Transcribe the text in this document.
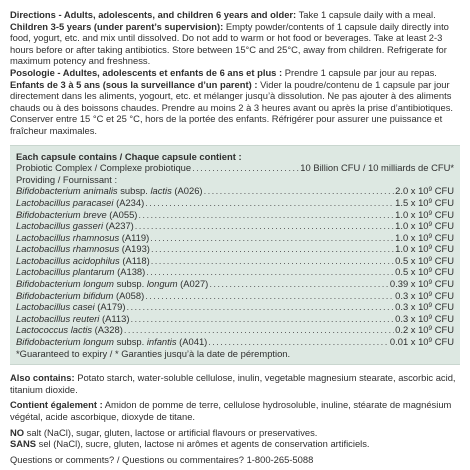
Directions - Adults, adolescents, and children 6 years and older: Take 1 capsule daily with a meal.
Children 3-5 years (under parent’s supervision): Empty powder/contents of 1 capsule daily directly into food, yogurt, etc. and mix until dissolved. Do not add to warm or hot food or beverages. Take at least 2-3 hours before or after taking antibiotics. Store between 15°C and 25°C, away from children. Refrigerate for maximum potency and freshness.

Posologie - Adultes, adolescents et enfants de 6 ans et plus : Prendre 1 capsule par jour au repas.
Enfants de 3 à 5 ans (sous la surveillance d’un parent) : Vider la poudre/contenu de 1 capsule par jour directement dans les aliments, yogourt, etc. et mélanger jusqu’à dissolution. Ne pas ajouter à des aliments chauds ou à des boissons chaudes. Prendre au moins 2 à 3 heures avant ou après la prise d’antibiotiques. Conserver entre 15 °C et 25 °C, hors de la portée des enfants. Réfrigérer pour assurer une puissance et fraîcheur maximales.

Each capsule contains / Chaque capsule contient :
Probiotic Complex / Complexe probiotique . . .	10 Billion CFU / 10 milliards de CFU*
Providing / Fournissant :
Bifidobacterium animalis subsp. lactis (A026) . . .	2.0 x $10^9$ CFU
Lactobacillus paracasei (A234) . . .	1.5 x $10^9$ CFU
Bifidobacterium breve (A055) . . .	1.0 x $10^9$ CFU
Lactobacillus gasseri (A237) . . .	1.0 x $10^9$ CFU
Lactobacillus rhamnosus (A119) . . .	1.0 x $10^9$ CFU
Lactobacillus rhamnosus (A193) . . .	1.0 x $10^9$ CFU
Lactobacillus acidophilus (A118) . . .	0.5 x $10^9$ CFU
Lactobacillus plantarum (A138) . . .	0.5 x $10^9$ CFU
Bifidobacterium longum subsp. longum (A027) . . .	0.39 x $10^9$ CFU
Bifidobacterium bifidum (A058) . . .	0.3 x $10^9$ CFU
Lactobacillus casei (A179) . . .	0.3 x $10^9$ CFU
Lactobacillus reuteri (A113) . . .	0.3 x $10^9$ CFU
Lactococcus lactis (A328) . . .	0.2 x $10^9$ CFU
Bifidobacterium longum subsp. infantis (A041) . . .	0.01 x $10^9$ CFU
*Guaranteed to expiry / * Garanties jusqu’à la date de péremption.

Also contains: Potato starch, water-soluble cellulose, inulin, vegetable magnesium stearate, ascorbic acid, titanium dioxide.

Contient également : Amidon de pomme de terre, cellulose hydrosoluble, inuline, stéarate de magnésium végétal, acide ascorbique, dioxyde de titane.

NO salt (NaCl), sugar, gluten, lactose or artificial flavours or preservatives.

SANS sel (NaCl), sucre, gluten, lactose ni arômes et agents de conservation artificiels.

Questions or comments? / Questions ou commentaires? 1-800-265-5088
